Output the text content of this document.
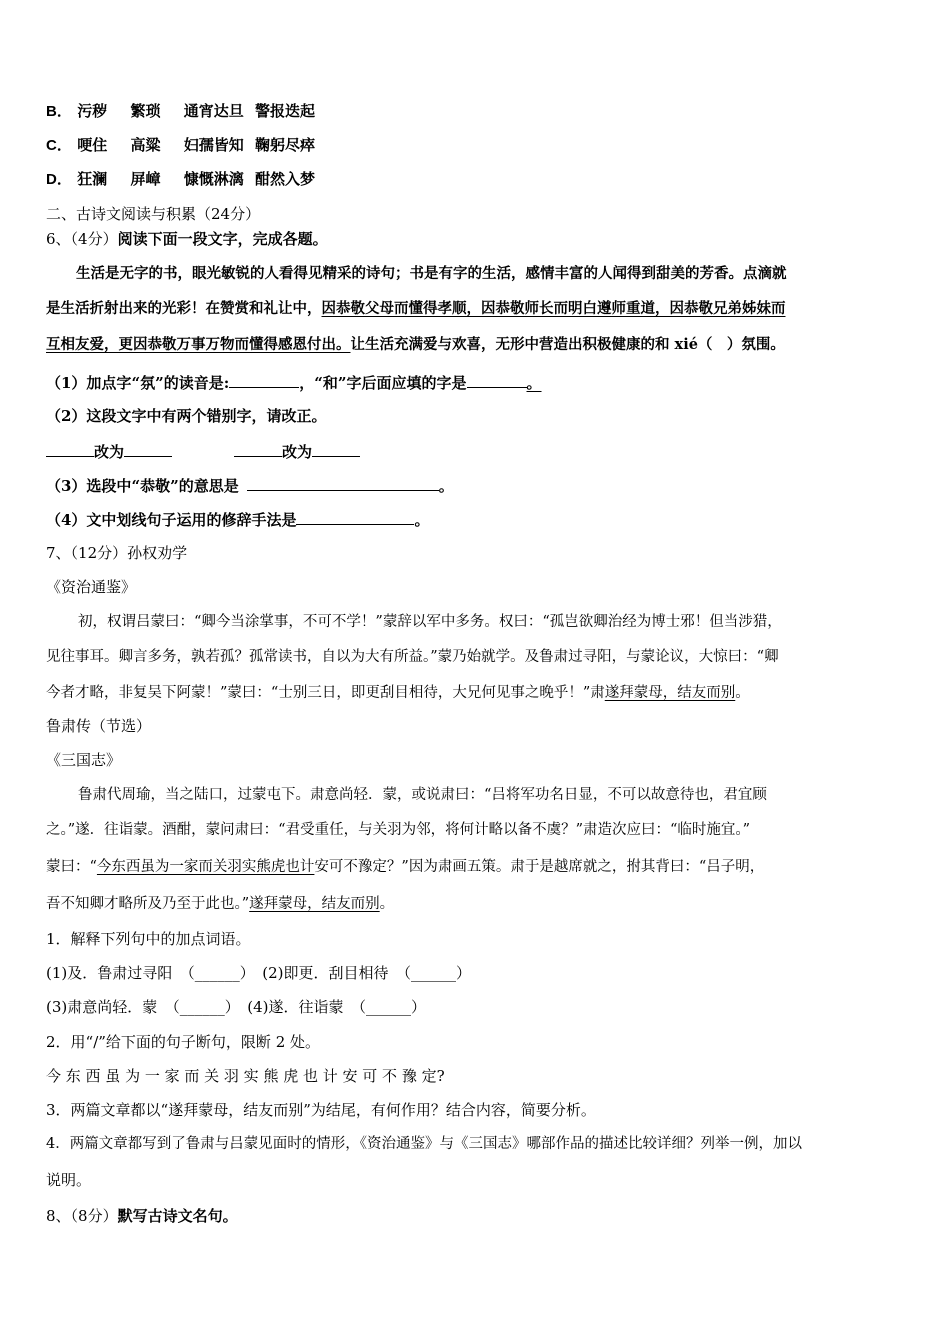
B． 污秽 繁琐 通宵达旦 警报迭起
C． 哽住 高粱 妇孺皆知 鞠躬尽瘁
D． 狂澜 屏嶂 慷慨淋漓 酣然入梦
二、古诗文阅读与积累（24分）
6、（4分）阅读下面一段文字，完成各题。
生活是无字的书，眼光敏锐的人看得见精采的诗句；书是有字的生活，感情丰富的人闻得到甜美的芳香。点滴就
是生活折射出来的光彩！在赞赏和礼让中，因恭敬父母而懂得孝顺，因恭敬师长而明白遵师重道，因恭敬兄弟姊妹而
互相友爱，更因恭敬万事万物而懂得感恩付出。让生活充满爱与欢喜，无形中营造出积极健康的和 xié（　）氛围。
（1）加点字“氛”的读音是:	，“和”字后面应填的字是	。
（2）这段文字中有两个错别字，请改正。
改为	改为
（3）选段中“恭敬”的意思是	。
（4）文中划线句子运用的修辞手法是	。
7、（12分）孙权劝学
《资治通鉴》
初，权谓吕蒙曰：“卿今当涂掌事，不可不学！”蒙辞以军中多务。权曰：“孤岂欲卿治经为博士邪！但当涉猎，
见往事耳。卿言多务，孰若孤？孤常读书，自以为大有所益。”蒙乃始就学。及鲁肃过寻阳，与蒙论议，大惊曰：“卿
今者才略，非复吴下阿蒙！”蒙曰：“士别三日，即更刮目相待，大兄何见事之晚乎！”肃遂拜蒙母，结友而别。
鲁肃传（节选）
《三国志》
鲁肃代周瑜，当之陆口，过蒙屯下。肃意尚轻．蒙，或说肃曰：“吕将军功名日显，不可以故意待也，君宜顾
之。”遂．往诣蒙。酒酣，蒙问肃曰：“君受重任，与关羽为邻，将何计略以备不虞？”肃造次应曰：“临时施宜。”
蒙曰：“今东西虽为一家而关羽实熊虎也计安可不豫定？”因为肃画五策。肃于是越席就之，拊其背曰：“吕子明，
吾不知卿才略所及乃至于此也。”遂拜蒙母，结友而别。
1．解释下列句中的加点词语。
(1)及．鲁肃过寻阳　（______）　(2)即更．刮目相待　（______）
(3)肃意尚轻．蒙　（______）　(4)遂．往诣蒙　（______）
2．用“/”给下面的句子断句，限断 2 处。
今 东 西 虽 为 一 家 而 关 羽 实 熊 虎 也 计 安 可 不 豫 定?
3．两篇文章都以“遂拜蒙母，结友而别”为结尾，有何作用？结合内容，简要分析。
4．两篇文章都写到了鲁肃与吕蒙见面时的情形，《资治通鉴》与《三国志》哪部作品的描述比较详细？列举一例，加以
说明。
8、（8分）默写古诗文名句。
